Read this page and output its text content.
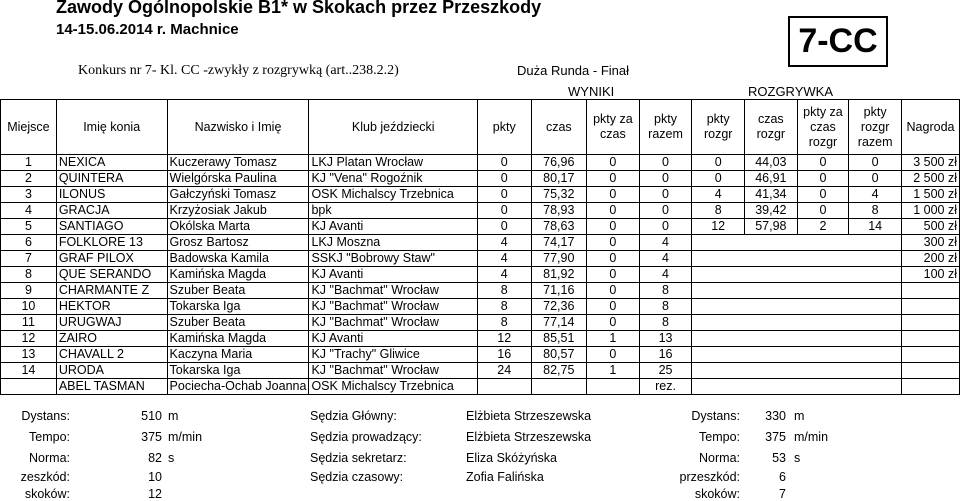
Zawody Ogólnopolskie B1* w Skokach przez Przeszkody
14-15.06.2014 r. Machnice
Konkurs nr 7- Kl. CC -zwykły z rozgrywką (art..238.2.2)	Duża Runda - Finał
7-CC
WYNIKI	ROZGRYWKA
Miejsce	Imię konia	Nazwisko i Imię	Klub jeździecki	pkty	czas	pkty za czas	pkty razem	pkty rozgr	czas rozgr	pkty za czas rozgr	pkty rozgr razem	Nagroda
1	NEXICA	Kuczerawy Tomasz	LKJ Platan Wrocław	0	76,96	0	0	0	44,03	0	0	3 500 zł
2	QUINTERA	Wielgórska Paulina	KJ "Vena" Rogoźnik	0	80,17	0	0	0	46,91	0	0	2 500 zł
3	ILONUS	Gałczyński Tomasz	OSK Michalscy Trzebnica	0	75,32	0	0	4	41,34	0	4	1 500 zł
4	GRACJA	Krzyżosiak Jakub	bpk	0	78,93	0	0	8	39,42	0	8	1 000 zł
5	SANTIAGO	Okólska Marta	KJ Avanti	0	78,63	0	0	12	57,98	2	14	500 zł
6	FOLKLORE 13	Grosz Bartosz	LKJ Moszna	4	74,17	0	4					300 zł
7	GRAF PILOX	Badowska Kamila	SSKJ "Bobrowy Staw"	4	77,90	0	4					200 zł
8	QUE SERANDO	Kamińska Magda	KJ Avanti	4	81,92	0	4					100 zł
9	CHARMANTE Z	Szuber Beata	KJ "Bachmat" Wrocław	8	71,16	0	8					
10	HEKTOR	Tokarska Iga	KJ "Bachmat" Wrocław	8	72,36	0	8					
11	URUGWAJ	Szuber Beata	KJ "Bachmat" Wrocław	8	77,14	0	8					
12	ZAIRO	Kamińska Magda	KJ Avanti	12	85,51	1	13					
13	CHAVALL 2	Kaczyna Maria	KJ "Trachy" Gliwice	16	80,57	0	16					
14	URODA	Tokarska Iga	KJ "Bachmat" Wrocław	24	82,75	1	25					
	ABEL TASMAN	Pociecha-Ochab Joanna	OSK Michalscy Trzebnica				rez.					
Dystans:	510 m
Tempo:	375 m/min
Norma:	82 s
zeszkód:	10
skoków:	12
Sędzia Główny:	Elżbieta Strzeszewska
Sędzia prowadzący:	Elżbieta Strzeszewska
Sędzia sekretarz:	Eliza Skóżyńska
Sędzia czasowy:	Zofia Falińska
Dystans:	330 m
Tempo:	375 m/min
Norma:	53 s
przeszkód:	6
skoków:	7
